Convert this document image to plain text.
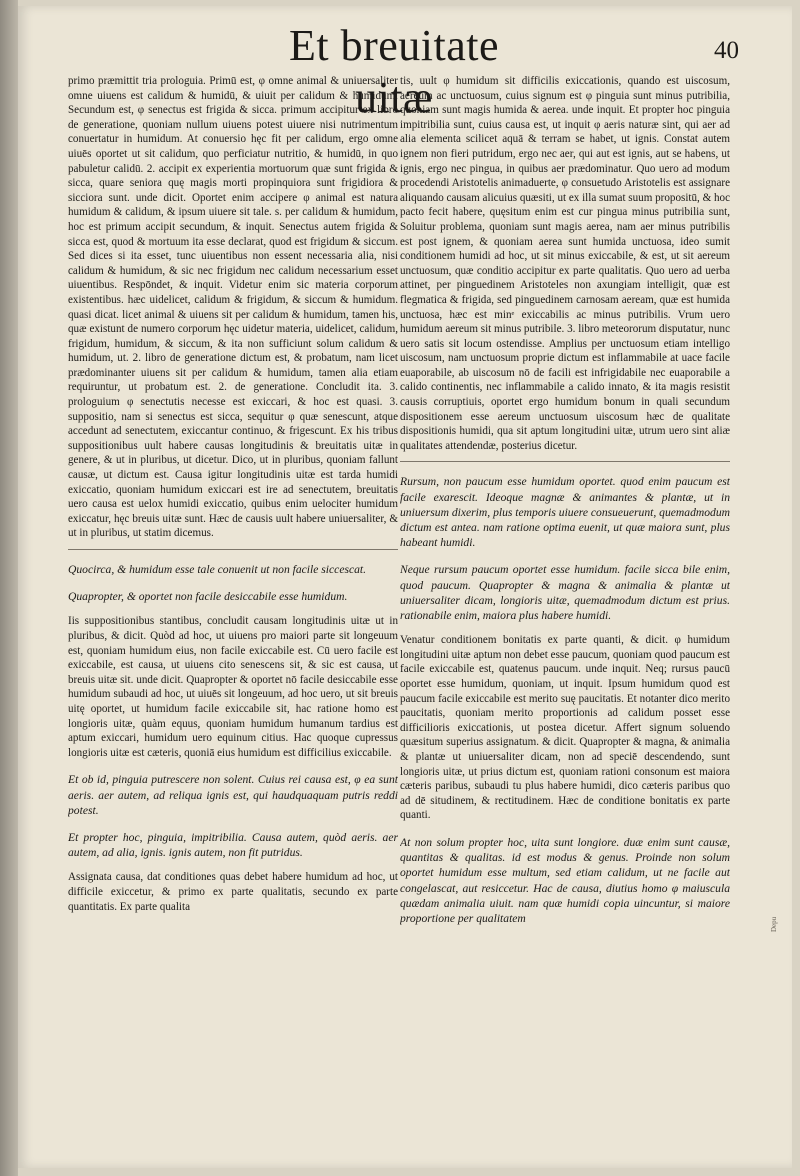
Et breuitate uitæ
40

primo præmittit tria prologuia. Primū est, φ omne animal & uniuersaliter omne uiuens est calidum & humidū, & uiuit per calidum & humidum. Secundum est, φ senectus est frigida & sicca. primum accipitur ex libro de generatione, quoniam nullum uiuens potest uiuere nisi nutrimentum conuertatur in humidum. At conuersio hęc fit per calidum, ergo omne uiuēs oportet ut sit calidum, quo perficiatur nutritio, & humidū, in quo pabuletur calidū. 2. accipit ex experientia mortuorum quæ sunt frigida & sicca, quare seniora quę magis morti propinquiora sunt frigidiora & sicciora sunt. unde dicit. Oportet enim accipere φ animal est natura humidum & calidum, & ipsum uiuere sit tale. s. per calidum & humidum, hoc est primum accipit secundum, & inquit. Senectus autem frigida & sicca est, quod & mortuum ita esse declarat, quod est frigidum & siccum. Sed dices si ita esset, tunc uiuentibus non essent necessaria alia, nisi calidum & humidum, & sic nec frigidum nec calidum necessarium esset uiuentibus. Respōndet, & inquit. Videtur enim sic materia corporum existentibus. hæc uidelicet, calidum & frigidum, & siccum & humidum. quasi dicat. licet animal & uiuens sit per calidum & humidum, tamen his, quæ existunt de numero corporum hęc uidetur materia, uidelicet, calidum, frigidum, humidum, & siccum, & ita non sufficiunt solum calidum & humidum, ut. 2. libro de generatione dictum est, & probatum, nam licet prædominanter uiuens sit per calidum & humidum, tamen alia etiam requiruntur, ut probatum est. 2. de generatione. Concludit ita. 3. prologuium φ senectutis necesse est exiccari, & hoc est quasi. 3. suppositio, nam si senectus est sicca, sequitur φ quæ senescunt, atque accedunt ad senectutem, exiccantur continuo, & frigescunt. Ex his tribus suppositionibus uult habere causas longitudinis & breuitatis uitæ in genere, & ut in pluribus, ut dicetur. Dico, ut in pluribus, quoniam fallunt causæ, ut dictum est. Causa igitur longitudinis uitæ est tarda humidi exiccatio, quoniam humidum exiccari est ire ad senectutem, breuitatis uero causa est uelox humidi exiccatio, quibus enim uelociter humidum exiccatur, hęc breuis uitæ sunt. Hæc de causis uult habere uniuersaliter, & ut in pluribus, ut statim dicemus.

Quocirca, & humidum esse tale conuenit ut non facile siccescat.

Quapropter, & oportet non facile desiccabile esse humidum.

Iis suppositionibus stantibus, concludit causam longitudinis uitæ ut in pluribus, & dicit. Quòd ad hoc, ut uiuens pro maiori parte sit longeuum est, quoniam humidum eius, non facile exiccabile est. Cū uero facile est exiccabile, est causa, ut uiuens cito senescens sit, & sic est causa, ut breuis uitæ sit. unde dicit. Quapropter & oportet nō facile desiccabile esse humidum subaudi ad hoc, ut uiuēs sit longeuum, ad hoc uero, ut sit breuis uitę oportet, ut humidum facile exiccabile sit, hac ratione homo est longioris uitæ, quàm equus, quoniam humidum humanum tardius est aptum exiccari, humidum uero equinum citius. Hac quoque cupressus longioris uitæ est cæteris, quoniā eius humidum est difficilius exiccabile.

Et ob id, pinguia putrescere non solent. Cuius rei causa est, φ ea sunt aeris. aer autem, ad reliqua ignis est, qui haudquaquam putris reddi potest.

Et propter hoc, pinguia, impitribilia. Causa autem, quòd aeris. aer autem, ad alia, ignis. ignis autem, non fit putridus.

Assignata causa, dat conditiones quas debet habere humidum ad hoc, ut difficile exiccetur, & primo ex parte qualitatis, secundo ex parte quantitatis. Ex parte qualita

tis, uult φ humidum sit difficilis exiccationis, quando est uiscosum, aereum ac unctuosum, cuius signum est φ pinguia sunt minus putribilia, quoniam sunt magis humida & aerea. unde inquit. Et propter hoc pinguia impitribilia sunt, cuius causa est, ut inquit φ aeris naturæ sint, qui aer ad alia elementa scilicet aquā & terram se habet, ut ignis. Constat autem ignem non fieri putridum, ergo nec aer, qui aut est ignis, aut se habens, ut ignis, ergo nec pingua, in quibus aer prædominatur. Quo uero ad modum procedendi Aristotelis animaduerte, φ consuetudo Aristotelis est assignare aliquando causam alicuius quæsiti, ut ex illa sumat suum propositū, & hoc pacto fecit habere, quęsitum enim est cur pingua minus putribilia sunt, Soluitur problema, quoniam sunt magis aerea, nam aer minus putribilis est post ignem, & quoniam aerea sunt humida unctuosa, ideo sumit conditionem humidi ad hoc, ut sit minus exiccabile, & est, ut sit aereum unctuosum, quæ conditio accipitur ex parte qualitatis. Quo uero ad uerba attinet, per pinguedinem Aristoteles non axungiam intelligit, quæ est flegmatica & frigida, sed pinguedinem carnosam aeream, quæ est humida unctuosa, hæc est minᵉ exiccabilis ac minus putribilis. Vrum uero humidum aereum sit minus putribile. 3. libro meteororum disputatur, nunc uero satis sit locum ostendisse. Amplius per unctuosum etiam intelligo uiscosum, nam unctuosum proprie dictum est inflammabile at uace facile euaporabile, ab uiscosum nō de facili est infrigidabile nec euaporabile a calido continentis, nec inflammabile a calido innato, & ita magis resistit causis corruptiuis, oportet ergo humidum bonum in quali secundum dispositionem esse aereum unctuosum uiscosum hæc de qualitate dispositionis humidi, qua sit aptum longitudini uitæ, utrum uero sint aliæ qualitates attendendæ, posterius dicetur.

Rursum, non paucum esse humidum oportet. quod enim paucum est facile exarescit. Ideoque magnæ & animantes & plantæ, ut in uniuersum dixerim, plus temporis uiuere consueuerunt, quemadmodum dictum est antea. nam ratione optima euenit, ut quæ maiora sunt, plus habeant humidi.

Neque rursum paucum oportet esse humidum. facile sicca bile enim, quod paucum. Quapropter & magna & animalia & plantæ ut uniuersaliter dicam, longioris uitæ, quemadmodum dictum est prius. rationabile enim, maiora plus habere humidi.

Venatur conditionem bonitatis ex parte quanti, & dicit. φ humidum longitudini uitæ aptum non debet esse paucum, quoniam quod paucum est facile exiccabile est, quatenus paucum. unde inquit. Neq; rursus paucū oportet esse humidum, quoniam, ut inquit. Ipsum humidum quod est paucum facile exiccabile est merito suę paucitatis. Et notanter dico merito paucitatis, quoniam merito proportionis ad calidum posset esse difficilioris exiccationis, ut postea dicetur. Affert signum soluendo quæsitum superius assignatum. & dicit. Quapropter & magna, & animalia & plantæ ut uniuersaliter dicam, non ad speciē descendendo, sunt longioris uitæ, ut prius dictum est, quoniam rationi consonum est maiora cæteris paribus, subaudi tu plus habere humidi, dico cæteris paribus quo ad dē situdinem, & rectitudinem. Hæc de conditione bonitatis ex parte quanti.

At non solum propter hoc, uita sunt longiore. duæ enim sunt causæ, quantitas & qualitas. id est modus & genus. Proinde non solum oportet humidum esse multum, sed etiam calidum, ut ne facile aut congelascat, aut resiccetur. Hac de causa, diutius homo φ maiuscula quædam animalia uiuit. nam quæ humidi copia uincuntur, si maiore proportione per qualitatem	Depu
